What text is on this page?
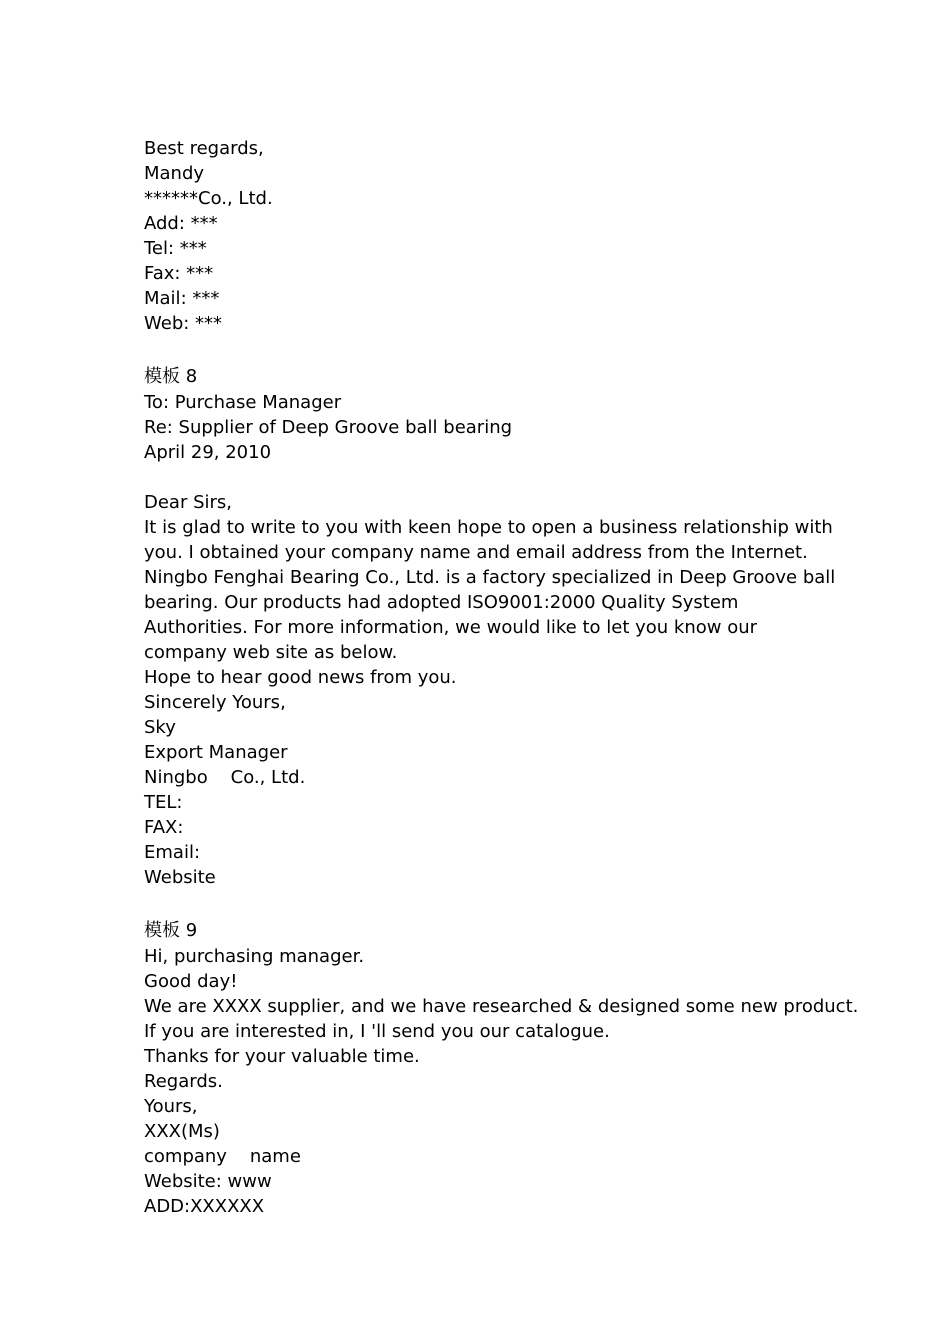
Best regards,
Mandy
******Co., Ltd.
Add: ***
Tel: ***
Fax: ***
Mail: ***
Web: ***
模板 8
To: Purchase Manager
Re: Supplier of Deep Groove ball bearing
April 29, 2010
Dear Sirs,
It is glad to write to you with keen hope to open a business relationship with you. I obtained your company name and email address from the Internet. Ningbo Fenghai Bearing Co., Ltd. is a factory specialized in Deep Groove ball bearing. Our products had adopted ISO9001:2000 Quality System Authorities. For more information, we would like to let you know our company web site as below.
Hope to hear good news from you.
Sincerely Yours,
Sky
Export Manager
Ningbo    Co., Ltd.
TEL:
FAX:
Email:
Website
模板 9
Hi, purchasing manager.
Good day!
We are XXXX supplier, and we have researched & designed some new product.
If you are interested in, I 'll send you our catalogue.
Thanks for your valuable time.
Regards.
Yours,
XXX(Ms)
company    name
Website: www
ADD:XXXXXX
